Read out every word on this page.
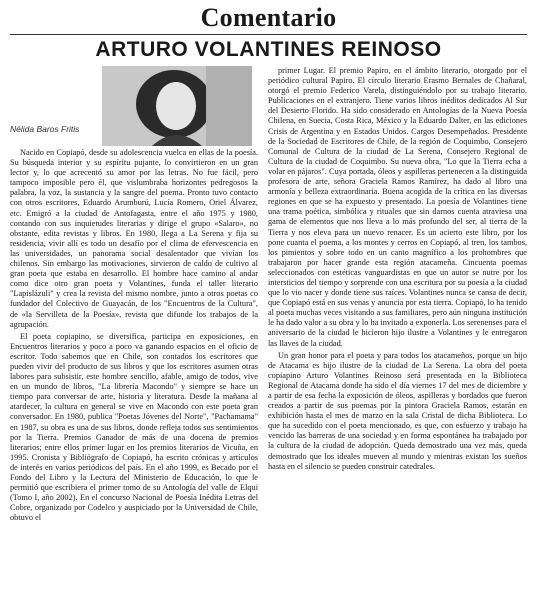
Comentario
ARTURO VOLANTINES REINOSO
Nélida Baros Fritis

Nacido en Copiapó, desde su adolescencia vuelca en ellas de la poesía. Su búsqueda interior y su espíritu pujante, lo convirtieron en un gran lector y, lo que acrecentó su amor por las letras. No fue fácil, pero tampoco imposible pero él, que vislumbraba horizontes pedregosos la palabra, la voz, la sustancia y la sangre del poema. Pronto tuvo contacto con otros escritores, Eduardo Arumburú, Lucía Romero, Oriel Álvarez, etc. Emigró a la ciudad de Antofagasta, entre el año 1975 y 1980, contando con sus inquietudes literarias y dirige el grupo «Salaro», no obstante, edita revistas y libros. En 1980, llega a La Serena y fija su residencia, vivir allí es todo un desafío por el clima de efervescencia en las universidades, un panorama social desalentador que vivían los chilenos. Sin embargo las motivaciones, sirvieron de caldo de cultivo al gran poeta que estaba en desarrollo. El hombre hace camino al andar como dice otro gran poeta y Volantines, funda el taller literario "Lapislázuli" y crea la revista del mismo nombre, junto a otros poetas co fundador del Colectivo de Guayacán, de los "Encuentros de la Cultura", de «la Servilleta de la Poesía», revista que difunde los trabajos de la agrupación.

El poeta copiapino, se diversifica, participa en exposiciones, en Encuentros literarios y poco a poco va ganando espacios en el oficio de escritor. Todo sabemos que en Chile, son contados los escritores que pueden vivir del producto de sus libros y que los escritores asumen otras labores para subsistir, este hombre sencillo, afable, amigo de todos, vive en un mundo de libros, "La librería Macondo" y siempre se hace un tiempo para conversar de arte, historia y literatura. Desde la mañana al atardecer, la cultura en general se vive en Macondo con este poeta gran conversador. En 1980, publica "Poetas Jóvenes del Norte", "Pachamama" en 1987, su obra es una de sus libros, donde refleja todos sus sentimientos por la Tierra. Premios Ganador de más de una docena de premios literarios; entre ellos primer lugar en los premios literarios de Vicuña, en 1995. Cronista y Bibliógrafo de Copiapó, ha escrito crónicas y artículos de interés en varios periódicos del país. En el año 1999, es Becado por el Fondo del Libro y la Lectura del Ministerio de Educación, lo que le permitió que escribiera el primer tomo de su Antología del valle de Elqui (Tomo I, año 2002). En el concurso Nacional de Poesía Inédita Letras del Cobre, organizado por Codelco y auspiciado por la Universidad de Chile, obtuvo el

primer Lugar. El premio Papiro, en el ámbito literario, otorgado por el periódico cultural Papiro. El círculo literario Erasmo Bernales de Chañaral, otorgó el premio Federico Varela, distinguiéndolo por su trabajo literario. Publicaciones en el extranjero. Tiene varios libros inéditos dedicados Al Sur del Desierto Florido. Ha sido considerado en Antologías de la Nueva Poesía Chilena, en Suecia, Costa Rica, México y la Eduardo Dalter, en las ediciones Crisis de Argentina y en Estados Unidos. Cargos Desempeñados. Presidente de la Sociedad de Escritores de Chile, de la región de Coquimbo, Consejero Comunal de Cultura de la ciudad de La Serena, Consejero Regional de Cultura de la ciudad de Coquimbo. Su nueva obra, "Lo que la Tierra echa a volar en pájaros". Cuya portada, óleos y aspilleras pertenecen a la distinguida profesora de arte, señora Graciela Ramos Ramírez, ha dado al libro una armonía y belleza extraordinaria. Buena acogida de la crítica en las diversas regiones en que se ha expuesto y presentado. La poesía de Volantines tiene una trama poética, simbólica y rituales que sin darnos cuenta atraviesa una gama de elementos que nos lleva a lo más profundo del ser, al tierra de la Tierra y nos eleva para un nuevo renacer. Es un acierto este libro, por los pone cuanta el poema, a los montes y cerros en Copiapó, al tren, los tambos, los pimientos y sobre todo en un canto magnífico a los prohombres que trabajaron por hacer grande esta región atacameña. Cincuenta poemas seleccionados con estéticas vanguardistas en que un autor se nutre por los intersticios del tiempo y sorprende con una escritura por su poesía a la ciudad que lo vio nacer y donde tiene sus raíces. Volantines nunca se cansa de decir, que Copiapó está en sus venas y anuncia por esta tierra. Copiapó, lo ha tenido al poeta muchas veces visitando a sus familiares, pero aún ninguna institución le ha dado valor a su obra y lo ha invitado a exponerla. Los serenenses para el aniversario de la ciudad le hicieron hijo ilustre a Volantines y le entregaron las llaves de la ciudad.

Un gran honor para el poeta y para todos los atacameños, porque un hijo de Atacama es hijo ilustre de la ciudad de La Serena. La obra del poeta copiapino Arturo Volantines Reinoso será presentada en la Biblioteca Regional de Atacama donde ha sido el día viernes 17 del mes de diciembre y a partir de esa fecha la exposición de óleos, aspilleras y bordados que fueron creados a partir de sus poemas por la pintora Graciela Ramos, estarán en exhibición hasta el mes de marzo en la sala Cristal de dicha Biblioteca. Lo que ha sucedido con el poeta mencionado, es que, con esfuerzo y trabajo ha vencido las barreras de una sociedad y en forma espontánea ha trabajado por la cultura de la ciudad de adopción. Queda demostrado una vez más, queda demostrado que los ideales mueven al mundo y mientras existan los sueños hasta en el silencio se pueden construir catedrales.
